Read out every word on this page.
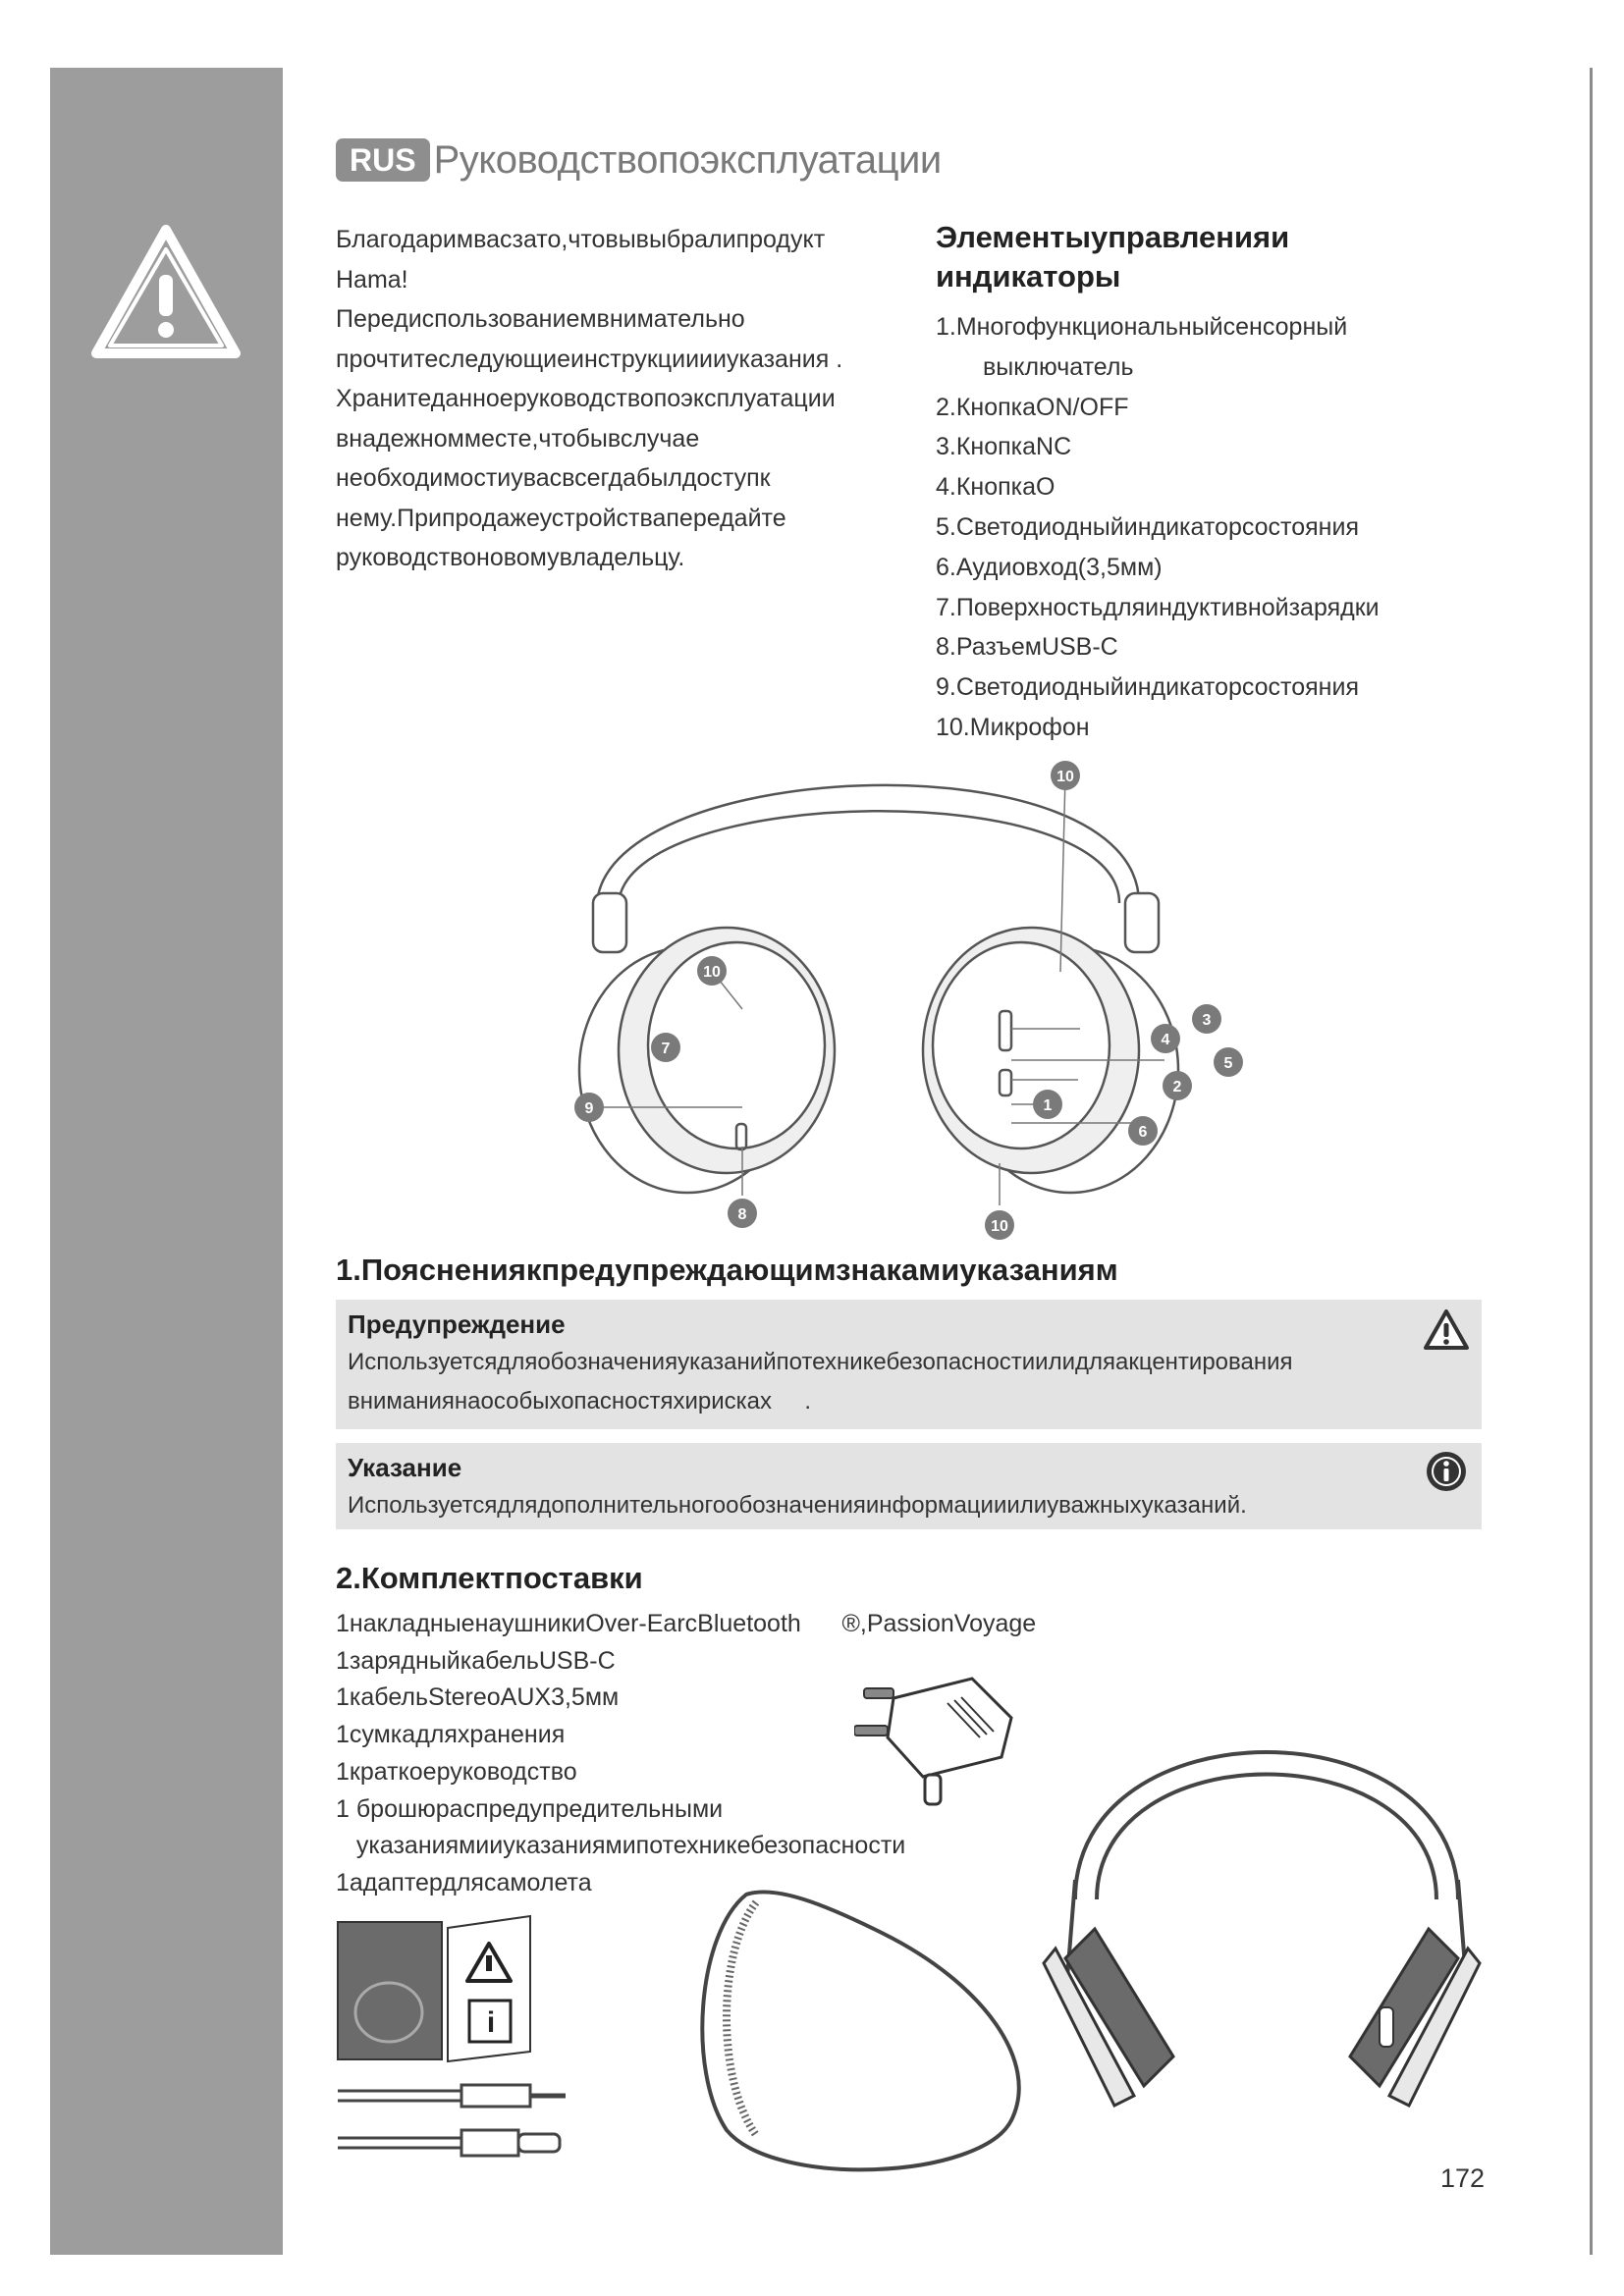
RUS Руководствопоэксплуатации

Благодаримвасзато,чтовывыбралипродукт

Hama!

Передиспользованиемвнимательно

прочтитеследующиеинструкцииииуказания .

Хранитеданноеруководствопоэксплуатации

внадежномместе,чтобывслучае

необходимостиувасвсегдабылдоступк

нему.Припродажеустройствапередайте

руководствоновомувладельцу.

Элементыуправленияи
индикаторы
1.Многофункциональныйсенсорный
выключатель
2.КнопкаON/OFF
3.КнопкаNC
4.КнопкаO
5.Светодиодныйиндикаторсостояния
6.Аудиовход(3,5мм)
7.Поверхностьдляиндуктивнойзарядки
8.РазъемUSB-C
9.Светодиодныйиндикаторсостояния
10.Микрофон
10
10
7
9
8
10
3
4
5
2
1
6
1.Пояснениякпредупреждающимзнакамиуказаниям
Предупреждение
Используетсядляобозначенияуказанийпотехникебезопасностиилидляакцентирования
вниманиянаособыхопасностяхирисках     .
Указание
Используетсядлядополнительногообозначенияинформацииилиуважныхуказаний.
2.Комплектпоставки
1накладныенаушникиOver-EarcBluetooth      ®,PassionVoyage
1зарядныйкабельUSB-C
1кабельStereoAUX3,5мм
1сумкадляхранения
1краткоеруководство
1 брошюраспредупредительными
указаниямииуказаниямипотехникебезопасности
1адаптердлясамолета
i
172
